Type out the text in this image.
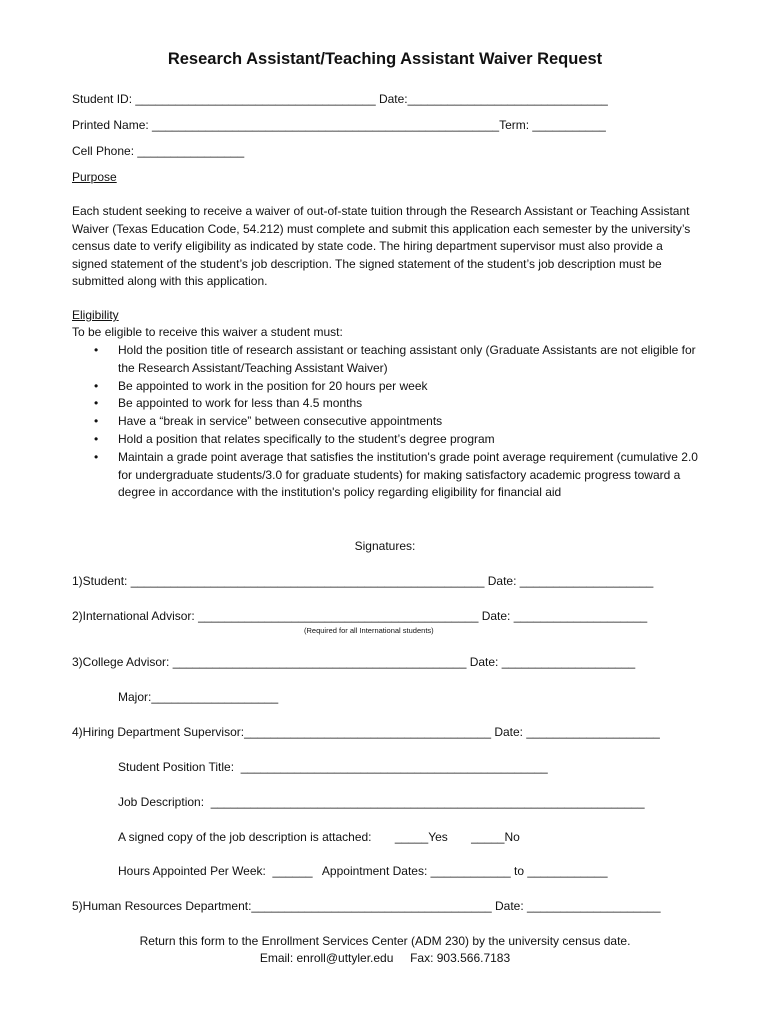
Research Assistant/Teaching Assistant Waiver Request
Student ID: ____________________________________ Date:______________________________
Printed Name: ____________________________________________________Term: ___________
Cell Phone: ________________
Purpose
Each student seeking to receive a waiver of out-of-state tuition through the Research Assistant or Teaching Assistant Waiver (Texas Education Code, 54.212) must complete and submit this application each semester by the university’s census date to verify eligibility as indicated by state code. The hiring department supervisor must also provide a signed statement of the student’s job description. The signed statement of the student’s job description must be submitted along with this application.
Eligibility
To be eligible to receive this waiver a student must:
• Hold the position title of research assistant or teaching assistant only (Graduate Assistants are not eligible for the Research Assistant/Teaching Assistant Waiver)
• Be appointed to work in the position for 20 hours per week
• Be appointed to work for less than 4.5 months
• Have a “break in service” between consecutive appointments
• Hold a position that relates specifically to the student’s degree program
• Maintain a grade point average that satisfies the institution's grade point average requirement (cumulative 2.0 for undergraduate students/3.0 for graduate students) for making satisfactory academic progress toward a degree in accordance with the institution's policy regarding eligibility for financial aid
Signatures:
1)Student: _____________________________________________________ Date: ____________________
2)International Advisor: __________________________________________ Date: ____________________
(Required for all International students)
3)College Advisor: ____________________________________________ Date: ____________________
Major:___________________
4)Hiring Department Supervisor:_____________________________________ Date: ____________________
Student Position Title:  ______________________________________________
Job Description:  _________________________________________________________________
A signed copy of the job description is attached:       _____Yes       _____No
Hours Appointed Per Week:  ______   Appointment Dates: ____________ to ____________
5)Human Resources Department:____________________________________ Date: ____________________
Return this form to the Enrollment Services Center (ADM 230) by the university census date.
Email: enroll@uttyler.edu     Fax: 903.566.7183
